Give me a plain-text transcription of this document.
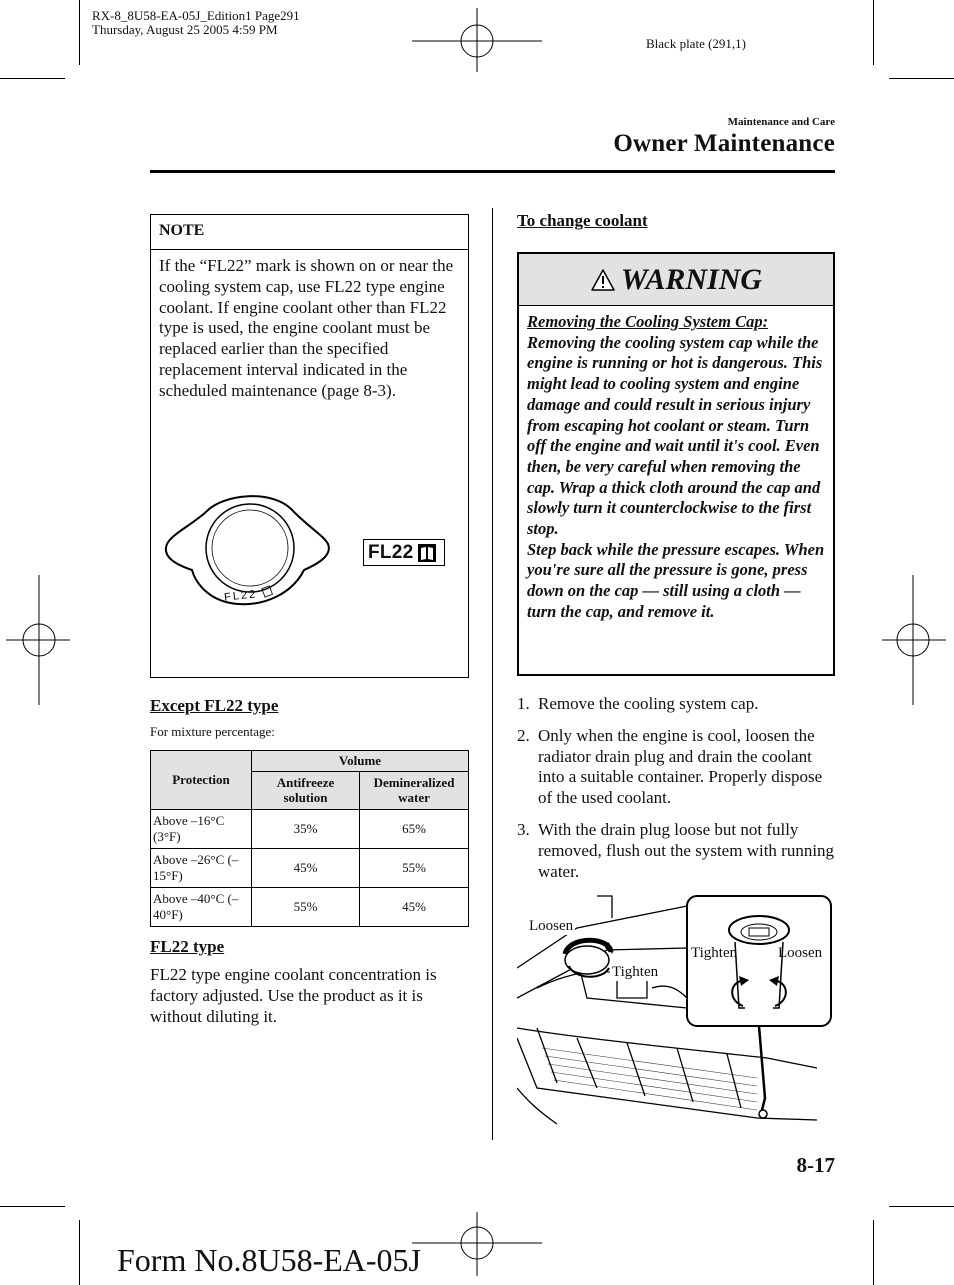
RX-8_8U58-EA-05J_Edition1 Page291
Thursday, August 25 2005 4:59 PM
Black plate (291,1)
Maintenance and Care
Owner Maintenance
NOTE
If the “FL22” mark is shown on or near the cooling system cap, use FL22 type engine coolant. If engine coolant other than FL22 type is used, the engine coolant must be replaced earlier than the specified replacement interval indicated in the scheduled maintenance (page 8-3).
FL22
FL22
Except FL22 type
For mixture percentage:
Protection	Volume	
	Antifreeze solution	Demineralized water
Above –16°C (3°F)	35%	65%
Above –26°C (–15°F)	45%	55%
Above –40°C (–40°F)	55%	45%
FL22 type
FL22 type engine coolant concentration is factory adjusted. Use the product as it is without diluting it.
To change coolant
WARNING
Removing the Cooling System Cap:
Removing the cooling system cap while the engine is running or hot is dangerous. This might lead to cooling system and engine damage and could result in serious injury from escaping hot coolant or steam. Turn off the engine and wait until it's cool. Even then, be very careful when removing the cap. Wrap a thick cloth around the cap and slowly turn it counterclockwise to the first stop.
Step back while the pressure escapes. When you're sure all the pressure is gone, press down on the cap — still using a cloth — turn the cap, and remove it.
1. Remove the cooling system cap.
2. Only when the engine is cool, loosen the radiator drain plug and drain the coolant into a suitable container. Properly dispose of the used coolant.
3. With the drain plug loose but not fully removed, flush out the system with running water.
Loosen
Tighten
Tighten	Loosen
8-17
Form No.8U58-EA-05J
